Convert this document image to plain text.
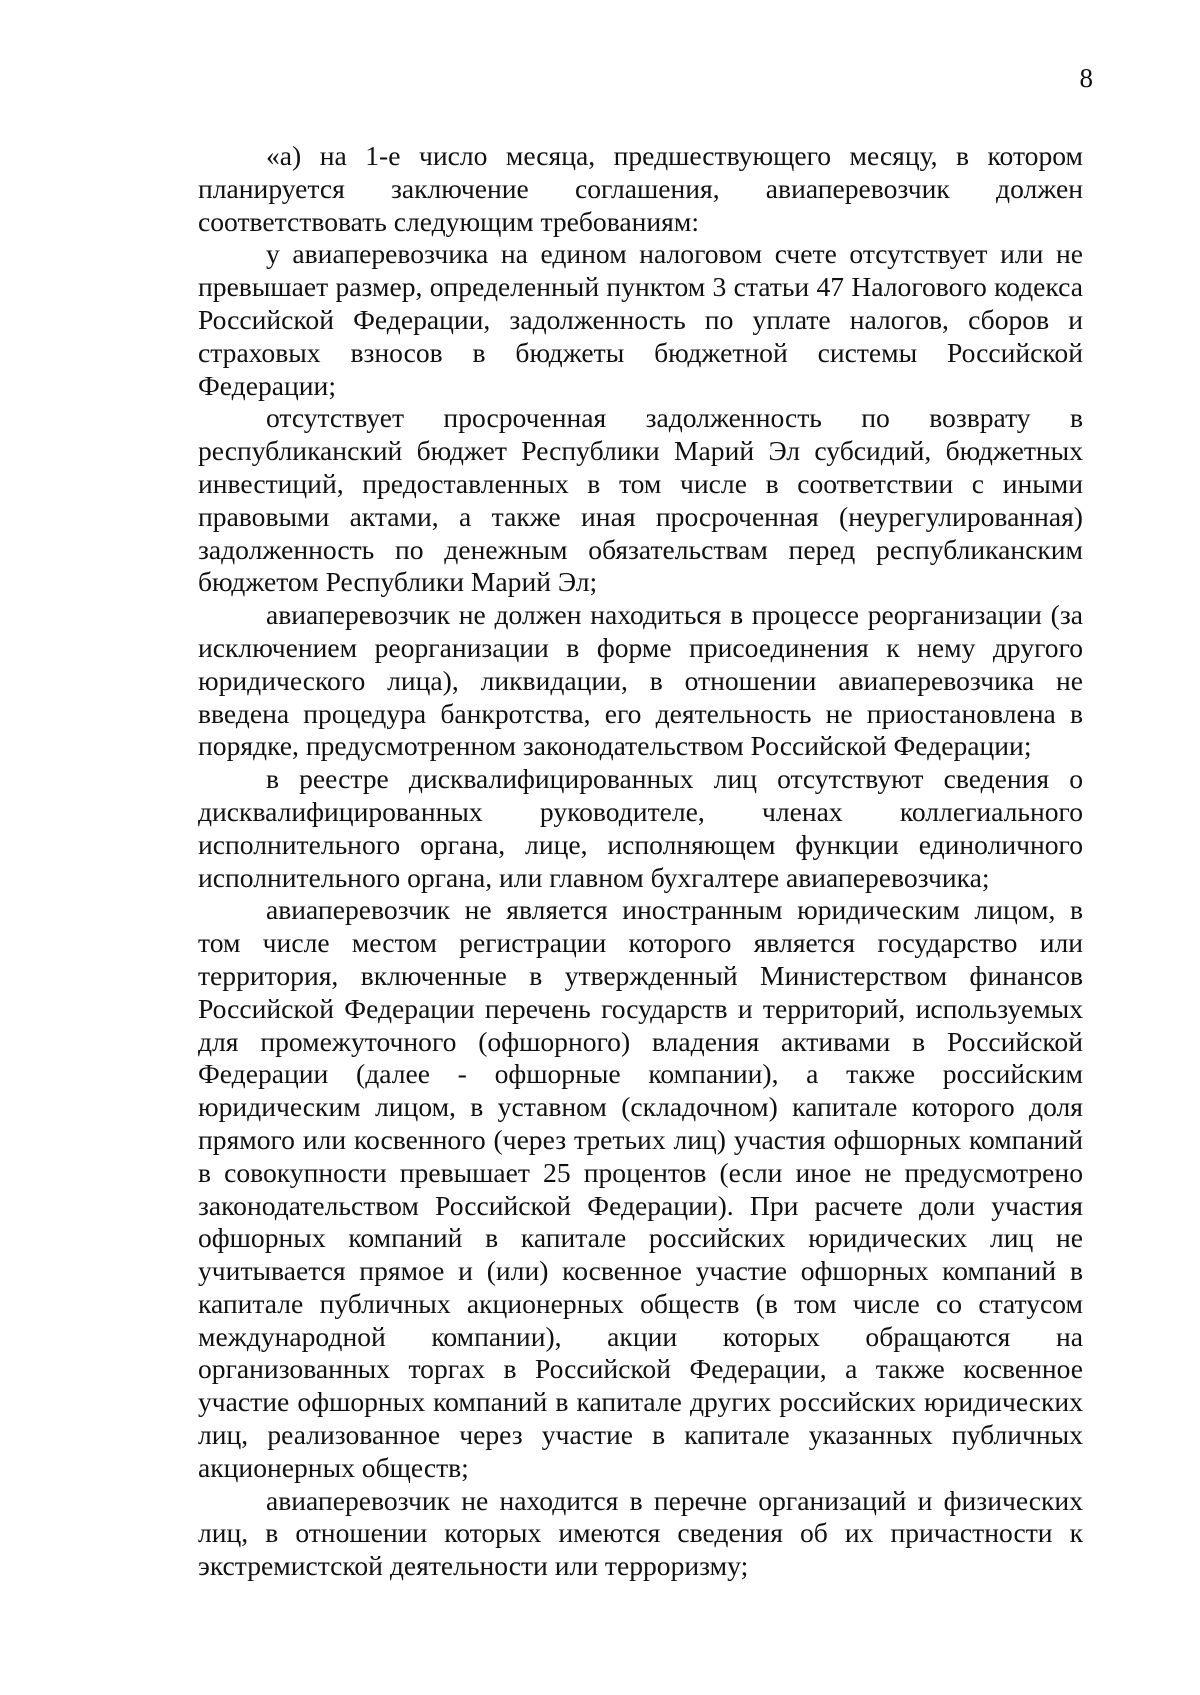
8

«а) на 1-е число месяца, предшествующего месяцу, в котором планируется заключение соглашения, авиаперевозчик должен соответствовать следующим требованиям:

у авиаперевозчика на едином налоговом счете отсутствует или не превышает размер, определенный пунктом 3 статьи 47 Налогового кодекса Российской Федерации, задолженность по уплате налогов, сборов и страховых взносов в бюджеты бюджетной системы Российской Федерации;

отсутствует просроченная задолженность по возврату в республиканский бюджет Республики Марий Эл субсидий, бюджетных инвестиций, предоставленных в том числе в соответствии с иными правовыми актами, а также иная просроченная (неурегулированная) задолженность по денежным обязательствам перед республиканским бюджетом Республики Марий Эл;

авиаперевозчик не должен находиться в процессе реорганизации (за исключением реорганизации в форме присоединения к нему другого юридического лица), ликвидации, в отношении авиаперевозчика не введена процедура банкротства, его деятельность не приостановлена в порядке, предусмотренном законодательством Российской Федерации;

в реестре дисквалифицированных лиц отсутствуют сведения о дисквалифицированных руководителе, членах коллегиального исполнительного органа, лице, исполняющем функции единоличного исполнительного органа, или главном бухгалтере авиаперевозчика;

авиаперевозчик не является иностранным юридическим лицом, в том числе местом регистрации которого является государство или территория, включенные в утвержденный Министерством финансов Российской Федерации перечень государств и территорий, используемых для промежуточного (офшорного) владения активами в Российской Федерации (далее - офшорные компании), а также российским юридическим лицом, в уставном (складочном) капитале которого доля прямого или косвенного (через третьих лиц) участия офшорных компаний в совокупности превышает 25 процентов (если иное не предусмотрено законодательством Российской Федерации). При расчете доли участия офшорных компаний в капитале российских юридических лиц не учитывается прямое и (или) косвенное участие офшорных компаний в капитале публичных акционерных обществ (в том числе со статусом международной компании), акции которых обращаются на организованных торгах в Российской Федерации, а также косвенное участие офшорных компаний в капитале других российских юридических лиц, реализованное через участие в капитале указанных публичных акционерных обществ;

авиаперевозчик не находится в перечне организаций и физических лиц, в отношении которых имеются сведения об их причастности к экстремистской деятельности или терроризму;
